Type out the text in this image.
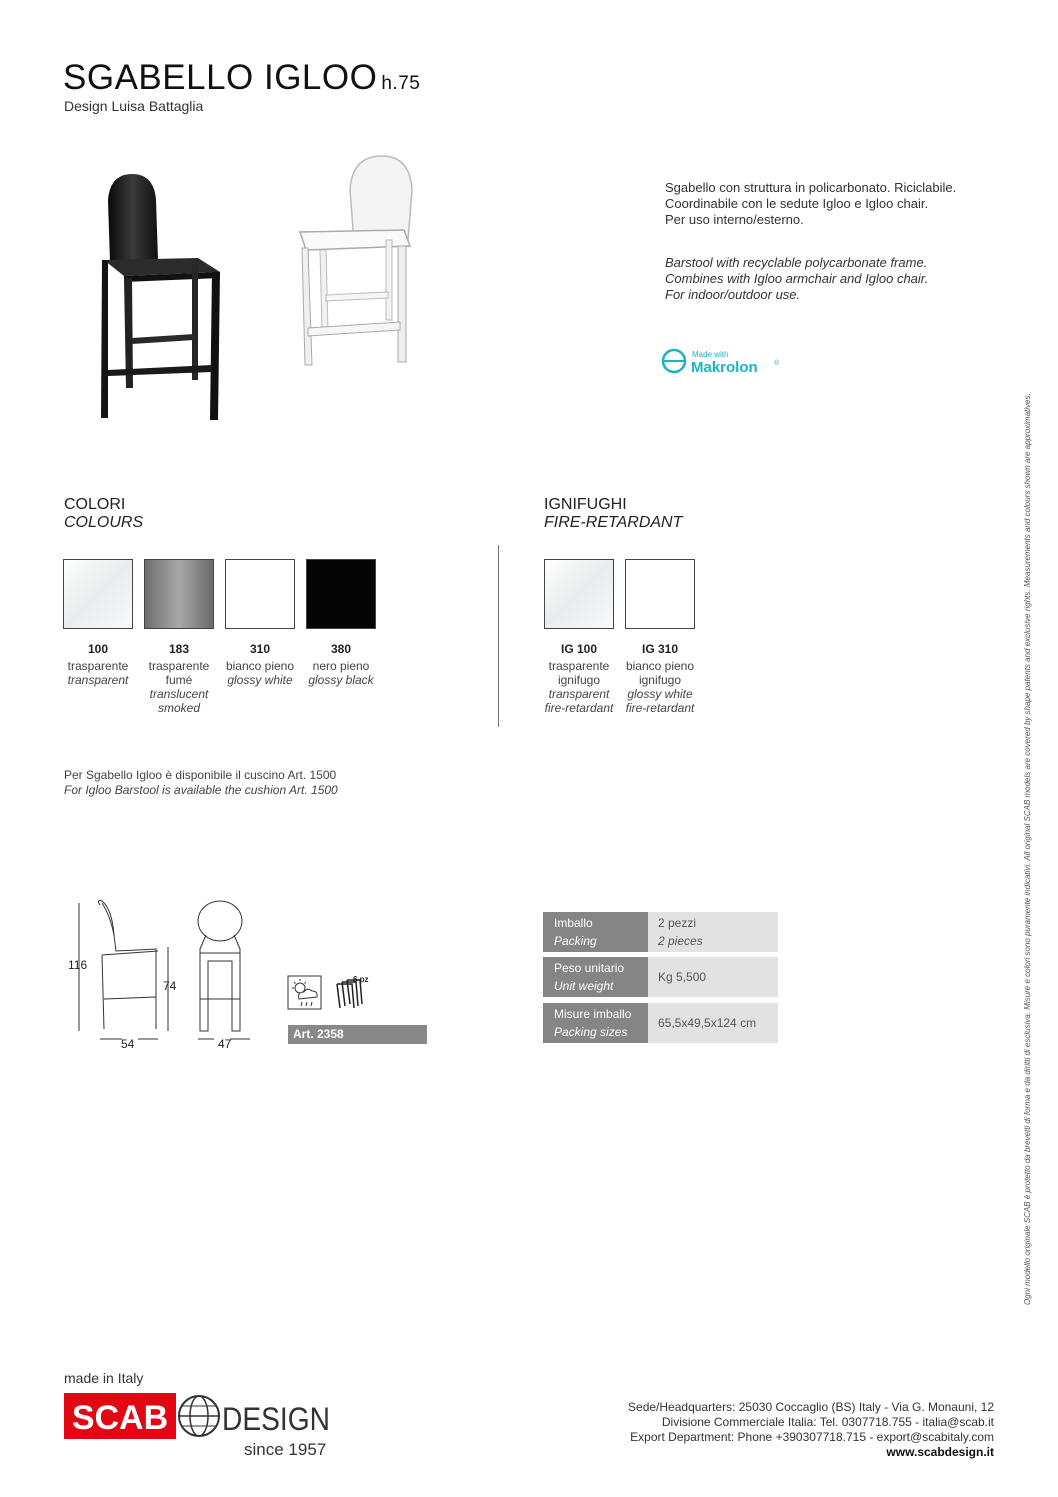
SGABELLO IGLOO h.75
Design Luisa Battaglia
Sgabello con struttura in policarbonato. Riciclabile.
Coordinabile con le sedute Igloo e Igloo chair.
Per uso interno/esterno.
Barstool with recyclable polycarbonate frame.
Combines with Igloo armchair and Igloo chair.
For indoor/outdoor use.
Made with
Makrolon ®
COLORI
COLOURS
100
trasparente
transparent
183
trasparente
fumé
translucent
smoked
310
bianco pieno
glossy white
380
nero pieno
glossy black
IGNIFUGHI
FIRE-RETARDANT
IG 100
trasparente
ignifugo
transparent
fire-retardant
IG 310
bianco pieno
ignifugo
glossy white
fire-retardant
Per Sgabello Igloo è disponibile il cuscino Art. 1500
For Igloo Barstool is available the cushion Art. 1500
116
74
54	47
6 pz
Art. 2358
Imballo
Packing
2 pezzi
2 pieces
Peso unitario
Unit weight
Kg 5,500
Misure imballo
Packing sizes
65,5x49,5x124 cm	Ogni modello originale SCAB è protetto da brevetti di forma e da diritti di esclusiva. Misure e colori sono puramente indicativi. All original SCAB models are covered by shape patents and exclusive rights. Measurements and colours shown are approximatives.
made in Italy
SCAB DESIGN
since 1957
Sede/Headquarters: 25030 Coccaglio (BS) Italy - Via G. Monauni, 12
Divisione Commerciale Italia: Tel. 0307718.755 - italia@scab.it
Export Department: Phone +390307718.715 - export@scabitaly.com
www.scabdesign.it
